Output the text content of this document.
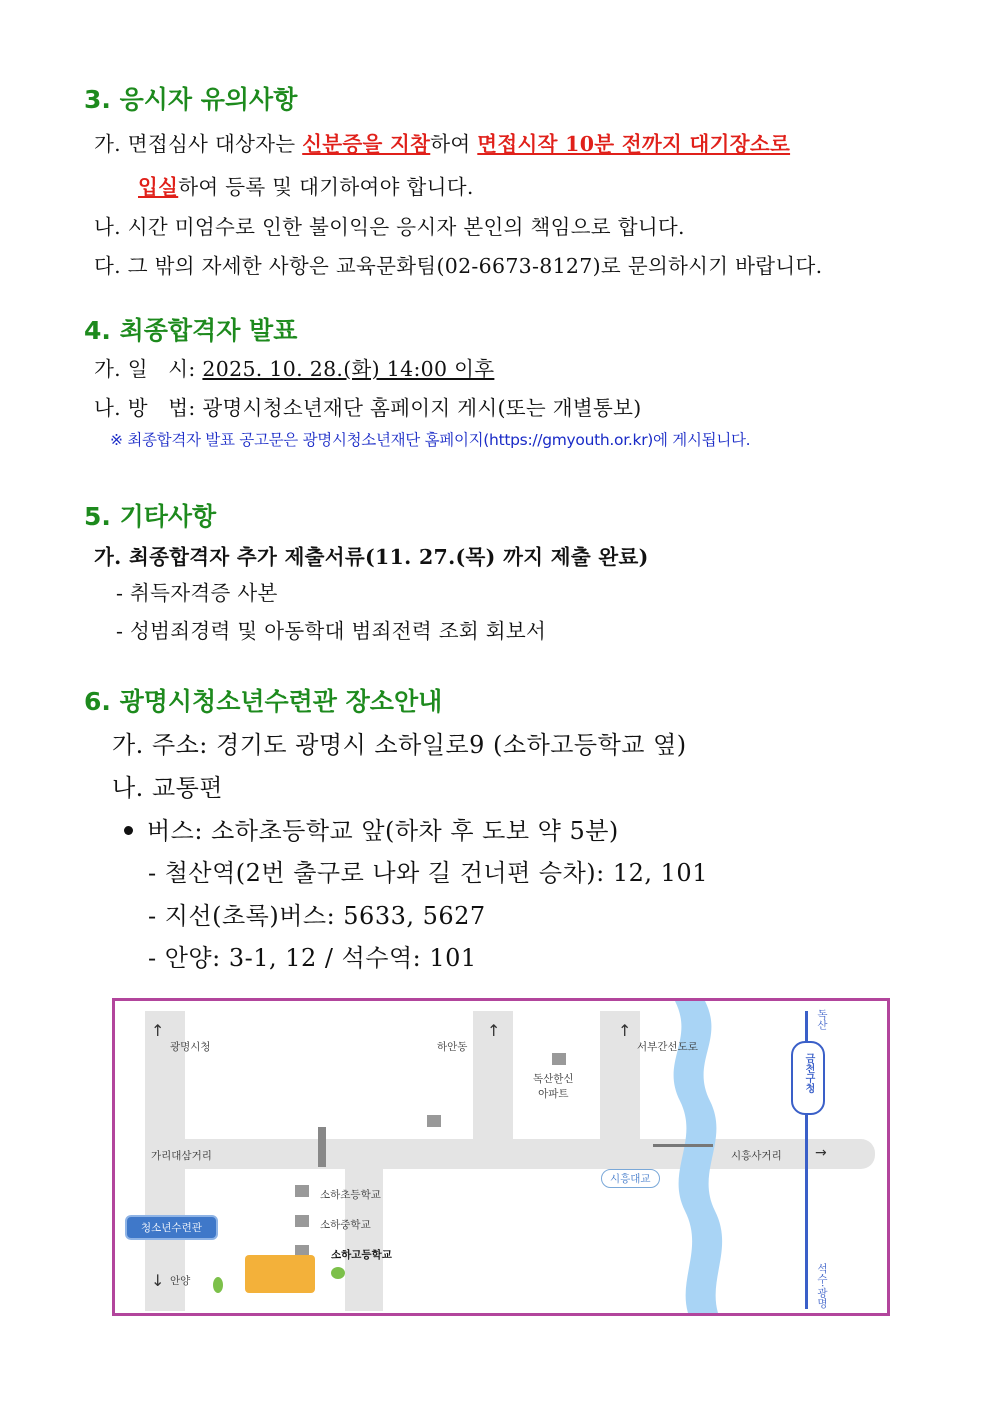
3. 응시자 유의사항
가. 면접심사 대상자는 신분증을 지참하여 면접시작 10분 전까지 대기장소로
입실하여 등록 및 대기하여야 합니다.
나. 시간 미엄수로 인한 불이익은 응시자 본인의 책임으로 합니다.
다. 그 밖의 자세한 사항은 교육문화팀(02-6673-8127)로 문의하시기 바랍니다.
4. 최종합격자 발표
가. 일   시: 2025. 10. 28.(화) 14:00 이후
나. 방   법: 광명시청소년재단 홈페이지 게시(또는 개별통보)
※ 최종합격자 발표 공고문은 광명시청소년재단 홈페이지(https://gmyouth.or.kr)에 게시됩니다.
5. 기타사항
가. 최종합격자 추가 제출서류(11. 27.(목) 까지 제출 완료)
- 취득자격증 사본
- 성범죄경력 및 아동학대 범죄전력 조회 회보서
6. 광명시청소년수련관 장소안내
가. 주소: 경기도 광명시 소하일로9 (소하고등학교 옆)
나. 교통편
버스: 소하초등학교 앞(하차 후 도보 약 5분)
- 철산역(2번 출구로 나와 길 건너편 승차): 12, 101
- 지선(초록)버스: 5633, 5627
- 안양: 3-1, 12 / 석수역: 101
금천구청
독산
석수·광명
↑
광명시청
↑
하안동
↑
서부간선도로
↓ 안양
가리대삼거리	시흥사거리 →
시흥대교
독산한신
아파트
소하초등학교
소하중학교
소하고등학교
청소년수련관
